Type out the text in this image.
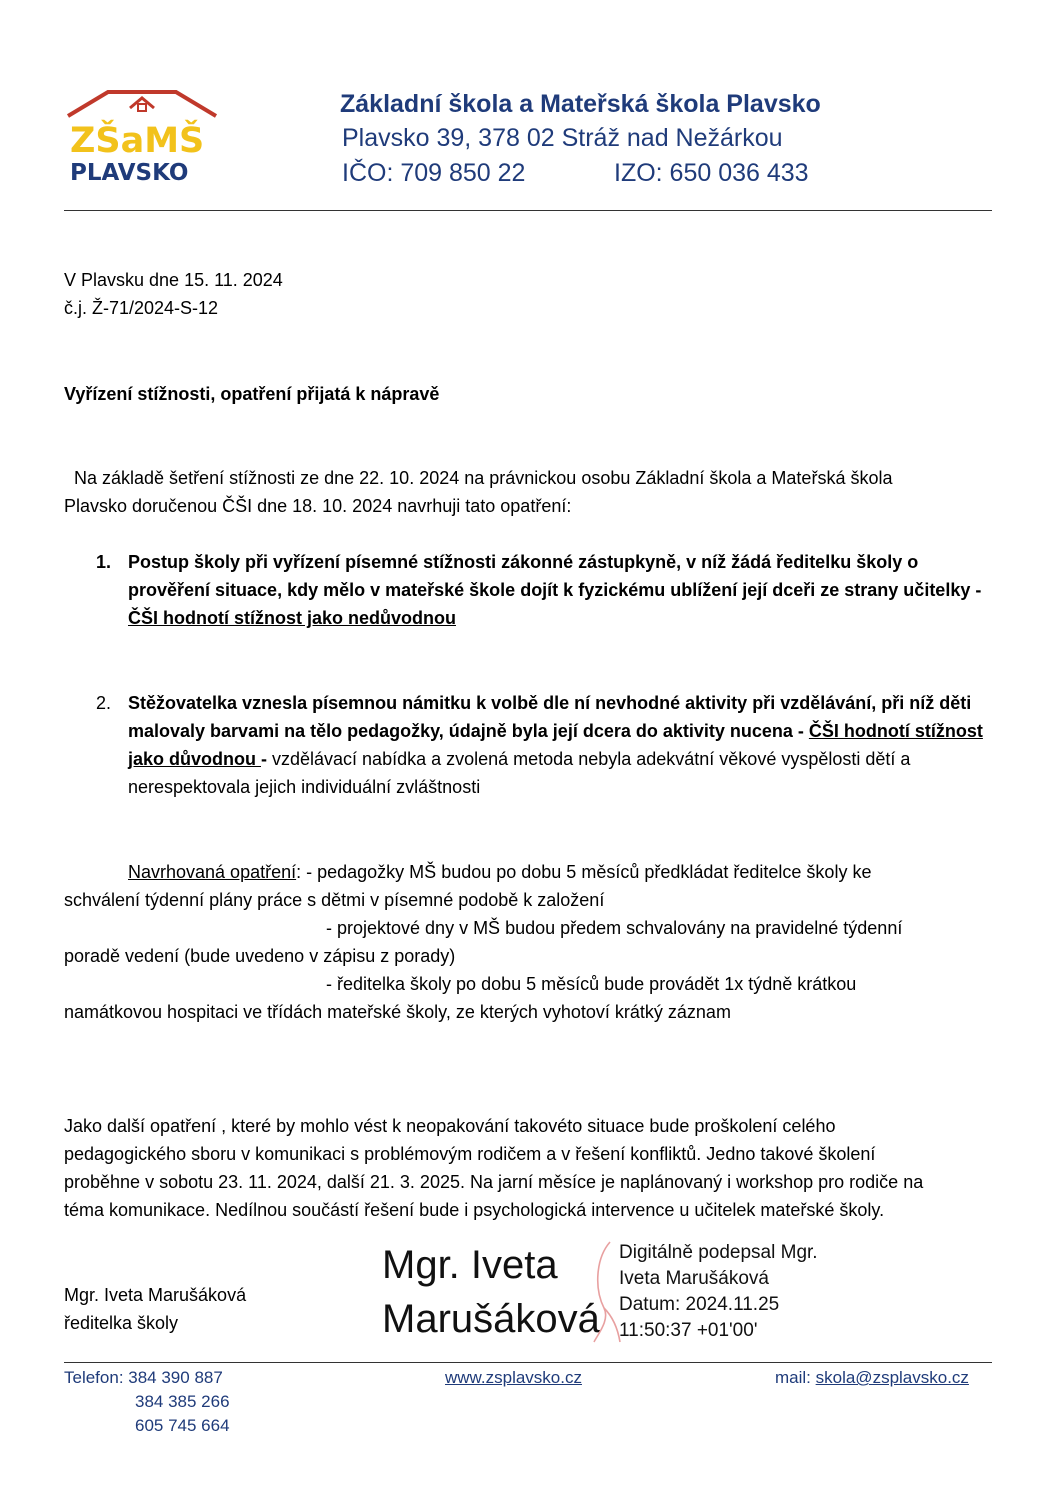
ZŠaMŠ
PLAVSKO
Základní škola a Mateřská škola Plavsko
Plavsko 39, 378 02 Stráž nad Nežárkou
IČO: 709 850 22	IZO: 650 036 433
V Plavsku dne 15. 11. 2024
č.j. Ž-71/2024-S-12
Vyřízení stížnosti, opatření přijatá k nápravě
Na základě šetření stížnosti ze dne 22. 10. 2024 na právnickou osobu Základní škola a Mateřská škola
Plavsko doručenou ČŠI dne 18. 10. 2024 navrhuji tato opatření:
1. Postup školy při vyřízení písemné stížnosti zákonné zástupkyně, v níž žádá ředitelku školy o prověření situace, kdy mělo v mateřské škole dojít k fyzickému ublížení její dceři ze strany učitelky - ČŠI hodnotí stížnost jako nedůvodnou
2. Stěžovatelka vznesla písemnou námitku k volbě dle ní nevhodné aktivity při vzdělávání, při níž děti malovaly barvami na tělo pedagožky, údajně byla její dcera do aktivity nucena - ČŠI hodnotí stížnost jako důvodnou - vzdělávací nabídka a zvolená metoda nebyla adekvátní věkové vyspělosti dětí a nerespektovala jejich individuální zvláštnosti
Navrhovaná opatření: - pedagožky MŠ budou po dobu 5 měsíců předkládat ředitelce školy ke
schválení týdenní plány práce s dětmi v písemné podobě k založení
- projektové dny v MŠ budou předem schvalovány na pravidelné týdenní
poradě vedení (bude uvedeno v zápisu z porady)
- ředitelka školy po dobu 5 měsíců bude provádět 1x týdně krátkou
namátkovou hospitaci ve třídách mateřské školy, ze kterých vyhotoví krátký záznam
Jako další opatření , které by mohlo vést k neopakování takovéto situace bude proškolení celého
pedagogického sboru v komunikaci s problémovým rodičem a v řešení konfliktů. Jedno takové školení
proběhne v sobotu 23. 11. 2024, další 21. 3. 2025. Na jarní měsíce je naplánovaný i workshop pro rodiče na
téma komunikace. Nedílnou součástí řešení bude i psychologická intervence u učitelek mateřské školy.
Mgr. Iveta Marušáková
ředitelka školy
Mgr. Iveta
Marušáková
Digitálně podepsal Mgr.
Iveta Marušáková
Datum: 2024.11.25
11:50:37 +01'00'
Telefon: 384 390 887
384 385 266
605 745 664
www.zsplavsko.cz	mail: skola@zsplavsko.cz
